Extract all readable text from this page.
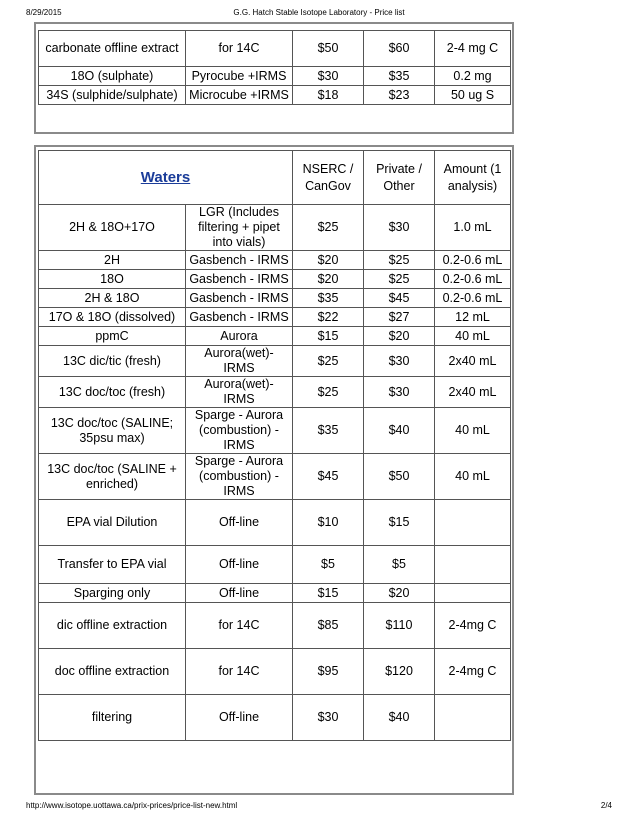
8/29/2015	G.G. Hatch Stable Isotope Laboratory - Price list
carbonate offline extract	for 14C	$50	$60	2-4 mg C
18O (sulphate)	Pyrocube +IRMS	$30	$35	0.2 mg
34S (sulphide/sulphate)	Microcube +IRMS	$18	$23	50 ug S
Waters		NSERC / CanGov	Private / Other	Amount (1 analysis)
2H & 18O+17O	LGR (Includes filtering + pipet into vials)	$25	$30	1.0 mL
2H	Gasbench - IRMS	$20	$25	0.2-0.6 mL
18O	Gasbench - IRMS	$20	$25	0.2-0.6 mL
2H & 18O	Gasbench - IRMS	$35	$45	0.2-0.6 mL
17O & 18O (dissolved)	Gasbench - IRMS	$22	$27	12 mL
ppmC	Aurora	$15	$20	40 mL
13C dic/tic (fresh)	Aurora(wet)- IRMS	$25	$30	2x40 mL
13C doc/toc (fresh)	Aurora(wet)- IRMS	$25	$30	2x40 mL
13C doc/toc (SALINE; 35psu max)	Sparge - Aurora (combustion) - IRMS	$35	$40	40 mL
13C doc/toc (SALINE + enriched)	Sparge - Aurora (combustion) - IRMS	$45	$50	40 mL
EPA vial Dilution	Off-line	$10	$15	
Transfer to EPA vial	Off-line	$5	$5	
Sparging only	Off-line	$15	$20	
dic offline extraction	for 14C	$85	$110	2-4mg C
doc offline extraction	for 14C	$95	$120	2-4mg C
filtering	Off-line	$30	$40	
http://www.isotope.uottawa.ca/prix-prices/price-list-new.html	2/4
